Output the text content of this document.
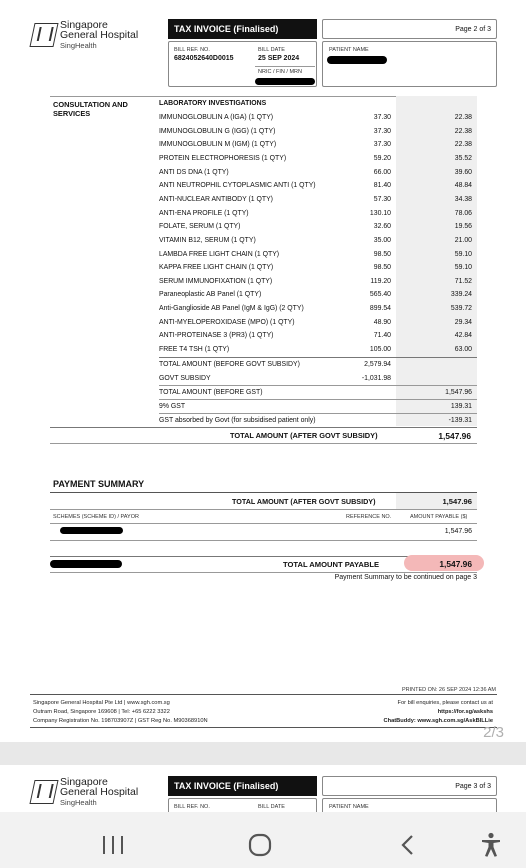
Singapore
General Hospital
SingHealth
TAX INVOICE (Finalised)	Page 2 of 3
BILL REF. NO.
6824052640D0015
BILL DATE
25 SEP 2024
NRIC / FIN / MRN
PATIENT NAME
CONSULTATION AND SERVICES
LABORATORY INVESTIGATIONS
IMMUNOGLOBULIN A (IGA) (1 QTY)	37.30	22.38
IMMUNOGLOBULIN G (IGG) (1 QTY)	37.30	22.38
IMMUNOGLOBULIN M (IGM) (1 QTY)	37.30	22.38
PROTEIN ELECTROPHORESIS (1 QTY)	59.20	35.52
ANTI DS DNA (1 QTY)	66.00	39.60
ANTI NEUTROPHIL CYTOPLASMIC ANTI (1 QTY)	81.40	48.84
ANTI-NUCLEAR ANTIBODY (1 QTY)	57.30	34.38
ANTI-ENA PROFILE (1 QTY)	130.10	78.06
FOLATE, SERUM (1 QTY)	32.60	19.56
VITAMIN B12, SERUM (1 QTY)	35.00	21.00
LAMBDA FREE LIGHT CHAIN (1 QTY)	98.50	59.10
KAPPA FREE LIGHT CHAIN (1 QTY)	98.50	59.10
SERUM IMMUNOFIXATION (1 QTY)	119.20	71.52
Paraneoplastic AB Panel (1 QTY)	565.40	339.24
Anti-Ganglioside AB Panel (IgM & IgG) (2 QTY)	899.54	539.72
ANTI-MYELOPEROXIDASE (MPO) (1 QTY)	48.90	29.34
ANTI-PROTEINASE 3 (PR3) (1 QTY)	71.40	42.84
FREE T4 TSH (1 QTY)	105.00	63.00
TOTAL AMOUNT (BEFORE GOVT SUBSIDY)	2,579.94
GOVT SUBSIDY	-1,031.98
TOTAL AMOUNT (BEFORE GST)	1,547.96
9% GST	139.31
GST absorbed by Govt (for subsidised patient only)	-139.31
TOTAL AMOUNT (AFTER GOVT SUBSIDY)	1,547.96
PAYMENT SUMMARY
TOTAL AMOUNT (AFTER GOVT SUBSIDY)	1,547.96
SCHEMES (SCHEME ID) / PAYOR	REFERENCE NO.	AMOUNT PAYABLE ($)
1,547.96
TOTAL AMOUNT PAYABLE	1,547.96
Payment Summary to be continued on page 3
PRINTED ON: 26 SEP 2024 12:36 AM
Singapore General Hospital Pte Ltd | www.sgh.com.sg
Outram Road, Singapore 169608 | Tel: +65 6222 3322
Company Registration No. 198703907Z | GST Reg No. M90368910N
For bill enquiries, please contact us at
https://for.sg/askshs
ChatBuddy: www.sgh.com.sg/AskBILLie
2/3
Singapore
General Hospital
SingHealth
TAX INVOICE (Finalised)	Page 3 of 3
BILL REF. NO.	BILL DATE	PATIENT NAME
